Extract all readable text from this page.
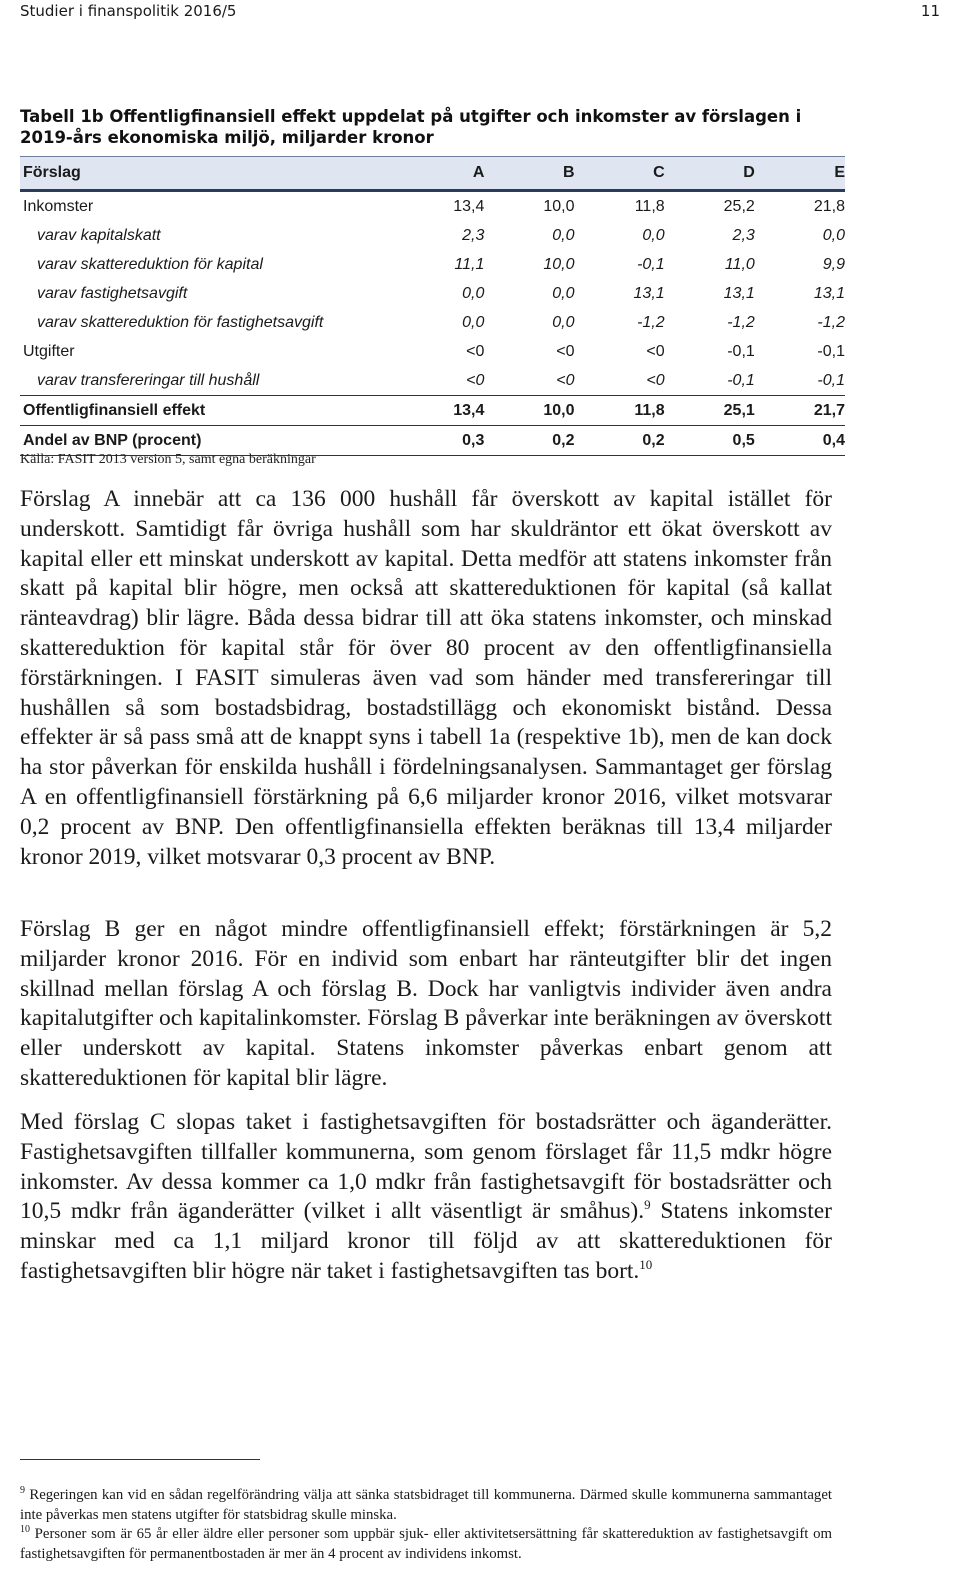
Studier i finanspolitik 2016/5	11
Tabell 1b Offentligfinansiell effekt uppdelat på utgifter och inkomster av förslagen i 2019-års ekonomiska miljö, miljarder kronor
Förslag	A	B	C	D	E
Inkomster	13,4	10,0	11,8	25,2	21,8
varav kapitalskatt	2,3	0,0	0,0	2,3	0,0
varav skattereduktion för kapital	11,1	10,0	-0,1	11,0	9,9
varav fastighetsavgift	0,0	0,0	13,1	13,1	13,1
varav skattereduktion för fastighetsavgift	0,0	0,0	-1,2	-1,2	-1,2
Utgifter	<0	<0	<0	-0,1	-0,1
varav transfereringar till hushåll	<0	<0	<0	-0,1	-0,1
Offentligfinansiell effekt	13,4	10,0	11,8	25,1	21,7
Andel av BNP (procent)	0,3	0,2	0,2	0,5	0,4
Källa: FASIT 2013 version 5, samt egna beräkningar

Förslag A innebär att ca 136 000 hushåll får överskott av kapital istället för underskott. Samtidigt får övriga hushåll som har skuldräntor ett ökat överskott av kapital eller ett minskat underskott av kapital. Detta medför att statens inkomster från skatt på kapital blir högre, men också att skattereduktionen för kapital (så kallat ränteavdrag) blir lägre. Båda dessa bidrar till att öka statens inkomster, och minskad skattereduktion för kapital står för över 80 procent av den offentligfinansiella förstärkningen. I FASIT simuleras även vad som händer med transfereringar till hushållen så som bostadsbidrag, bostadstillägg och ekonomiskt bistånd. Dessa effekter är så pass små att de knappt syns i tabell 1a (respektive 1b), men de kan dock ha stor påverkan för enskilda hushåll i fördelningsanalysen. Sammantaget ger förslag A en offentligfinansiell förstärkning på 6,6 miljarder kronor 2016, vilket motsvarar 0,2 procent av BNP. Den offentligfinansiella effekten beräknas till 13,4 miljarder kronor 2019, vilket motsvarar 0,3 procent av BNP.

Förslag B ger en något mindre offentligfinansiell effekt; förstärkningen är 5,2 miljarder kronor 2016. För en individ som enbart har ränteutgifter blir det ingen skillnad mellan förslag A och förslag B. Dock har vanligtvis individer även andra kapitalutgifter och kapitalinkomster. Förslag B påverkar inte beräkningen av överskott eller underskott av kapital. Statens inkomster påverkas enbart genom att skattereduktionen för kapital blir lägre.

Med förslag C slopas taket i fastighetsavgiften för bostadsrätter och äganderätter. Fastighetsavgiften tillfaller kommunerna, som genom förslaget får 11,5 mdkr högre inkomster. Av dessa kommer ca 1,0 mdkr från fastighetsavgift för bostadsrätter och 10,5 mdkr från äganderätter (vilket i allt väsentligt är småhus).$^9$ Statens inkomster minskar med ca 1,1 miljard kronor till följd av att skattereduktionen för fastighetsavgiften blir högre när taket i fastighetsavgiften tas bort.$^{10}$

$^9$ Regeringen kan vid en sådan regelförändring välja att sänka statsbidraget till kommunerna. Därmed skulle kommunerna sammantaget inte påverkas men statens utgifter för statsbidrag skulle minska.

$^{10}$ Personer som är 65 år eller äldre eller personer som uppbär sjuk- eller aktivitetsersättning får skattereduktion av fastighetsavgift om fastighetsavgiften för permanentbostaden är mer än 4 procent av individens inkomst.
